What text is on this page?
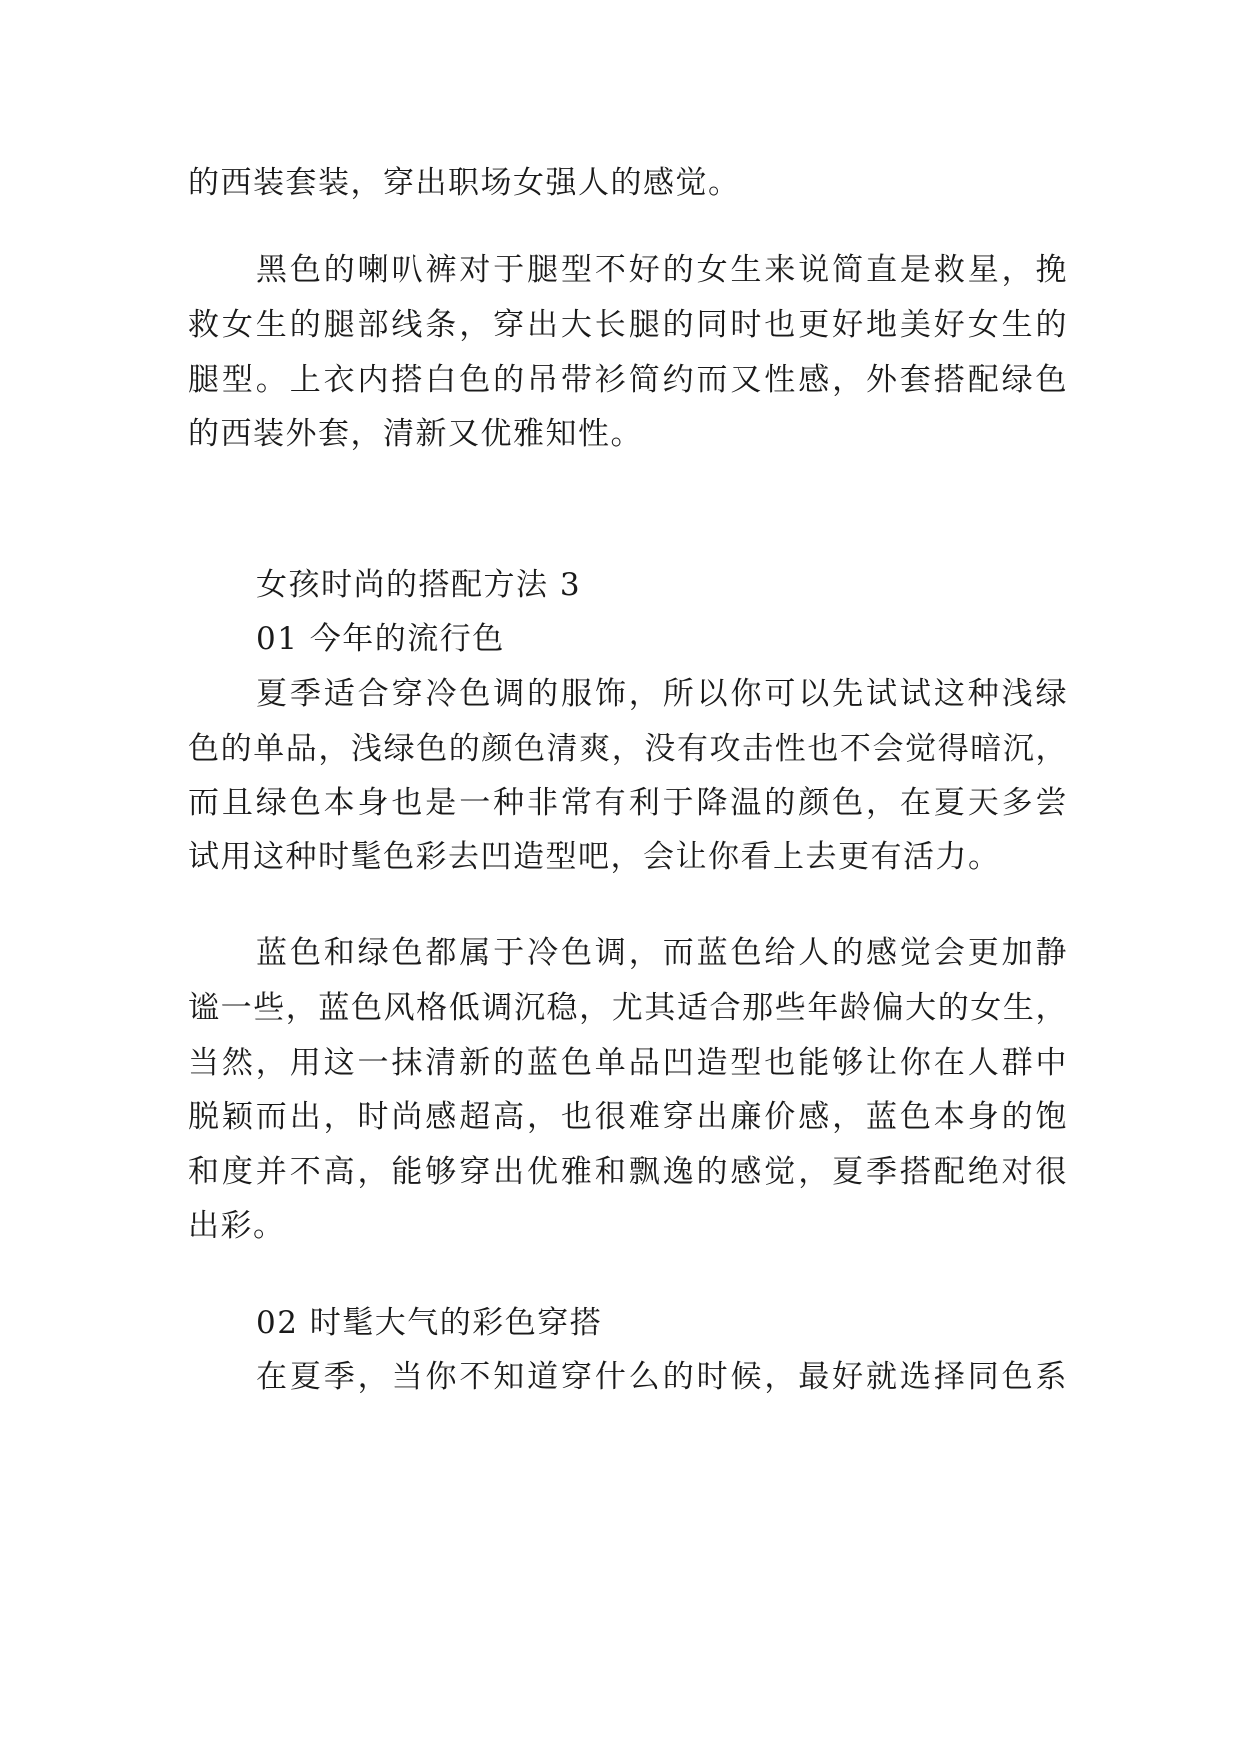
的西装套装，穿出职场女强人的感觉。
黑色的喇叭裤对于腿型不好的女生来说简直是救星，挽
救女生的腿部线条，穿出大长腿的同时也更好地美好女生的
腿型。上衣内搭白色的吊带衫简约而又性感，外套搭配绿色
的西装外套，清新又优雅知性。
女孩时尚的搭配方法 3
01 今年的流行色
夏季适合穿冷色调的服饰，所以你可以先试试这种浅绿
色的单品，浅绿色的颜色清爽，没有攻击性也不会觉得暗沉，
而且绿色本身也是一种非常有利于降温的颜色，在夏天多尝
试用这种时髦色彩去凹造型吧，会让你看上去更有活力。
蓝色和绿色都属于冷色调，而蓝色给人的感觉会更加静
谧一些，蓝色风格低调沉稳，尤其适合那些年龄偏大的女生，
当然，用这一抹清新的蓝色单品凹造型也能够让你在人群中
脱颖而出，时尚感超高，也很难穿出廉价感，蓝色本身的饱
和度并不高，能够穿出优雅和飘逸的感觉，夏季搭配绝对很
出彩。
02 时髦大气的彩色穿搭
在夏季，当你不知道穿什么的时候，最好就选择同色系
